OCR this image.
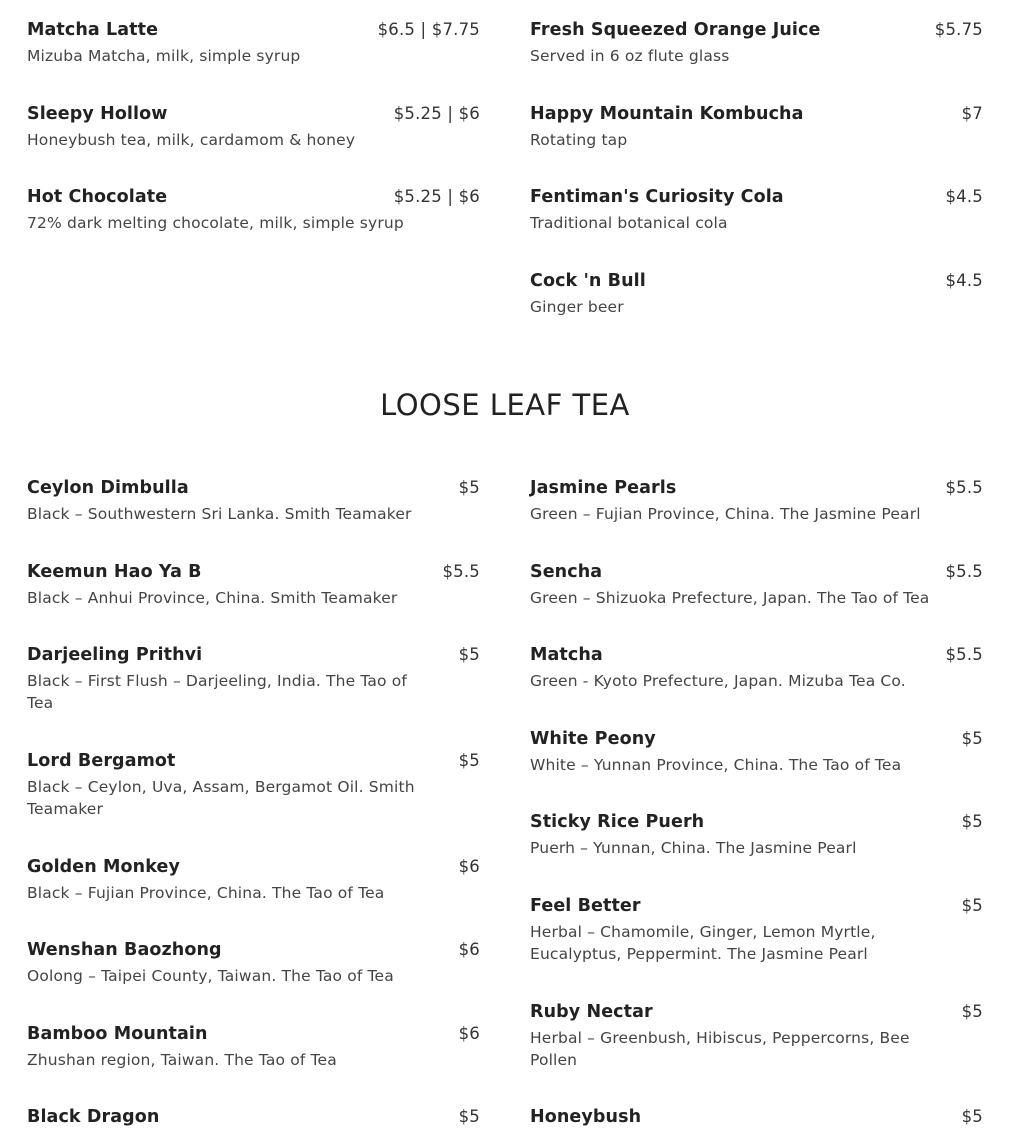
Matcha Latte	$6.5 | $7.75
Mizuba Matcha, milk, simple syrup
Sleepy Hollow	$5.25 | $6
Honeybush tea, milk, cardamom & honey
Hot Chocolate	$5.25 | $6
72% dark melting chocolate, milk, simple syrup
Fresh Squeezed Orange Juice	$5.75
Served in 6 oz flute glass
Happy Mountain Kombucha	$7
Rotating tap
Fentiman's Curiosity Cola	$4.5
Traditional botanical cola
Cock 'n Bull	$4.5
Ginger beer
LOOSE LEAF TEA
Ceylon Dimbulla	$5
Black – Southwestern Sri Lanka. Smith Teamaker
Keemun Hao Ya B	$5.5
Black – Anhui Province, China. Smith Teamaker
Darjeeling Prithvi	$5
Black – First Flush – Darjeeling, India. The Tao of Tea
Lord Bergamot	$5
Black – Ceylon, Uva, Assam, Bergamot Oil. Smith Teamaker
Golden Monkey	$6
Black – Fujian Province, China. The Tao of Tea
Wenshan Baozhong	$6
Oolong – Taipei County, Taiwan. The Tao of Tea
Bamboo Mountain	$6
Zhushan region, Taiwan. The Tao of Tea
Black Dragon	$5
Jasmine Pearls	$5.5
Green – Fujian Province, China. The Jasmine Pearl
Sencha	$5.5
Green – Shizuoka Prefecture, Japan. The Tao of Tea
Matcha	$5.5
Green - Kyoto Prefecture, Japan. Mizuba Tea Co.
White Peony	$5
White – Yunnan Province, China. The Tao of Tea
Sticky Rice Puerh	$5
Puerh – Yunnan, China. The Jasmine Pearl
Feel Better	$5
Herbal – Chamomile, Ginger, Lemon Myrtle, Eucalyptus, Peppermint. The Jasmine Pearl
Ruby Nectar	$5
Herbal – Greenbush, Hibiscus, Peppercorns, Bee Pollen
Honeybush	$5
